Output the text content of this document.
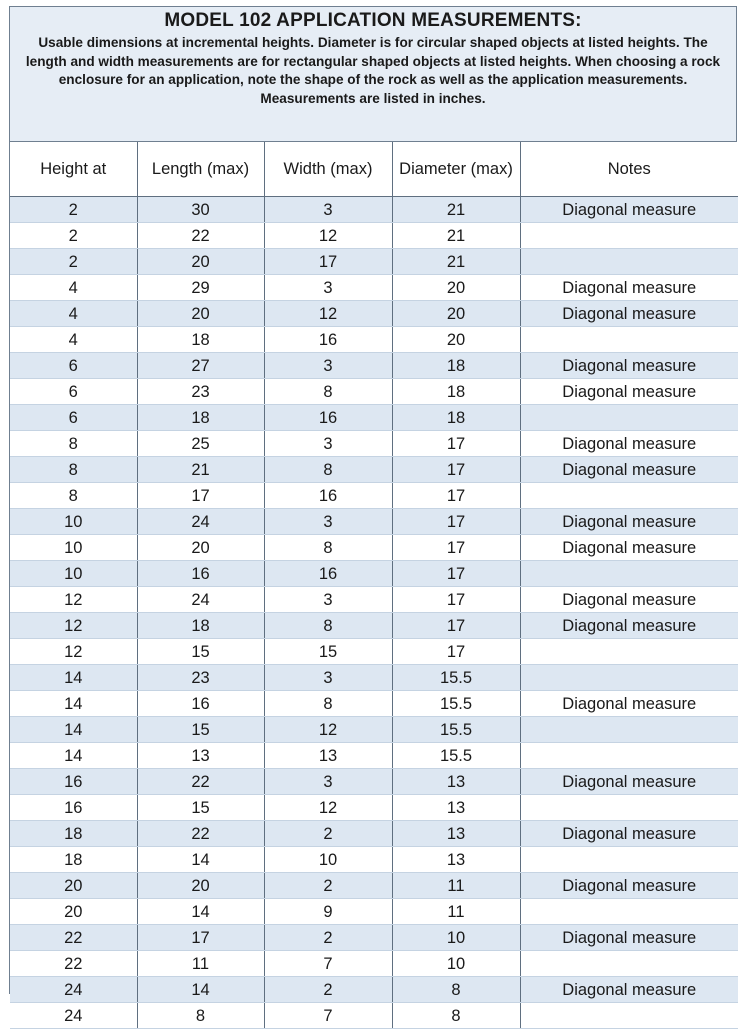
MODEL 102 APPLICATION MEASUREMENTS:

Usable dimensions at incremental heights. Diameter is for circular shaped objects at listed heights. The length and width measurements are for rectangular shaped objects at listed heights. When choosing a rock enclosure for an application, note the shape of the rock as well as the application measurements. Measurements are listed in inches.

Height at	Length (max)	Width (max)	Diameter (max)	Notes
2	30	3	21	Diagonal measure
2	22	12	21	
2	20	17	21	
4	29	3	20	Diagonal measure
4	20	12	20	Diagonal measure
4	18	16	20	
6	27	3	18	Diagonal measure
6	23	8	18	Diagonal measure
6	18	16	18	
8	25	3	17	Diagonal measure
8	21	8	17	Diagonal measure
8	17	16	17	
10	24	3	17	Diagonal measure
10	20	8	17	Diagonal measure
10	16	16	17	
12	24	3	17	Diagonal measure
12	18	8	17	Diagonal measure
12	15	15	17	
14	23	3	15.5	
14	16	8	15.5	Diagonal measure
14	15	12	15.5	
14	13	13	15.5	
16	22	3	13	Diagonal measure
16	15	12	13	
18	22	2	13	Diagonal measure
18	14	10	13	
20	20	2	11	Diagonal measure
20	14	9	11	
22	17	2	10	Diagonal measure
22	11	7	10	
24	14	2	8	Diagonal measure
24	8	7	8	
